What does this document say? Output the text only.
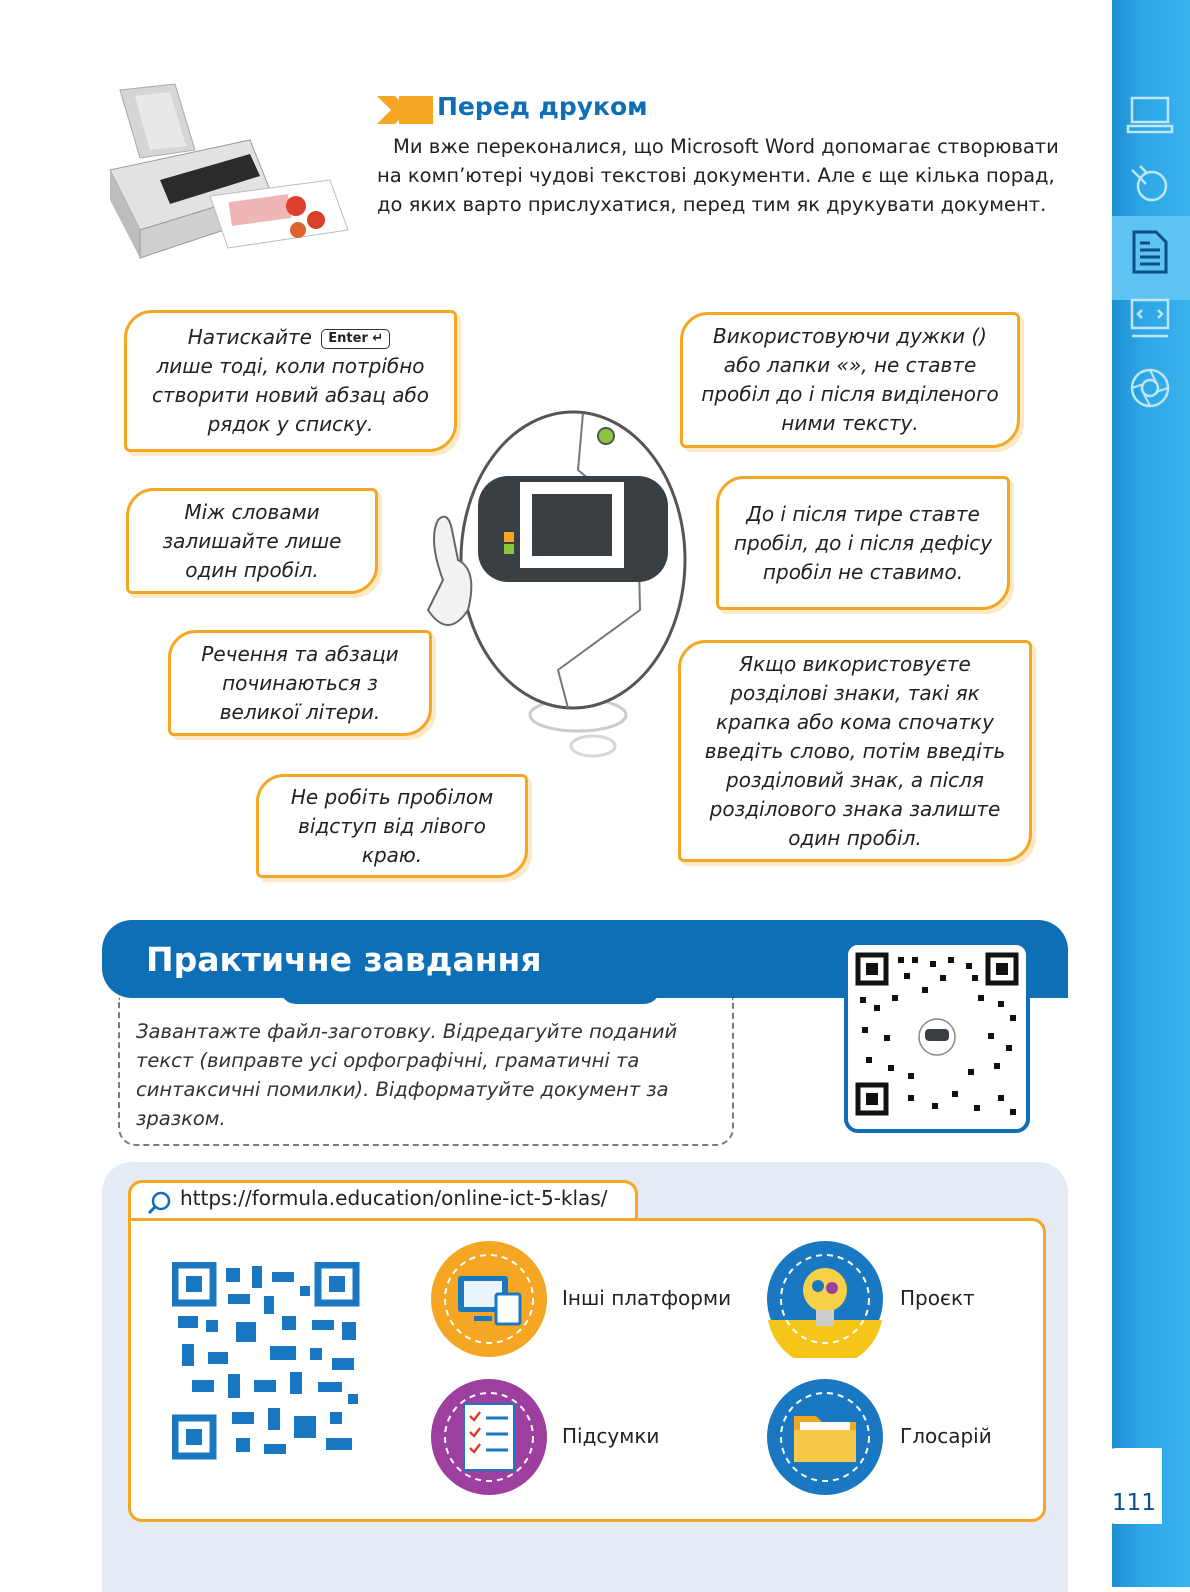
111
Перед друком
Ми вже переконалися, що Microsoft Word допомагає створювати на комп’ютері чудові текстові документи. Але є ще кілька порад, до яких варто прислухатися, перед тим як друкувати документ.
Натискайте Enter ↵
лише тоді, коли потрібно створити новий абзац або рядок у списку.
Між словами залишайте лише один пробіл.
Речення та абзаци починаються з великої літери.
Не робіть пробілом відступ від лівого краю.
Використовуючи дужки () або лапки «», не ставте пробіл до і після виділеного ними тексту.
До і після тире ставте пробіл, до і після дефісу пробіл не ставимо.
Якщо використовуєте розділові знаки, такі як крапка або кома спочатку введіть слово, потім введіть розділовий знак, а після розділового знака залиште один пробіл.
Практичне завдання
Завантажте файл-заготовку. Відредагуйте поданий текст (виправте усі орфографічні, граматичні та синтаксичні помилки). Відформатуйте документ за зразком.
https://formula.education/online-ict-5-klas/
Інші платформи	Проєкт
Підсумки	Глосарій
